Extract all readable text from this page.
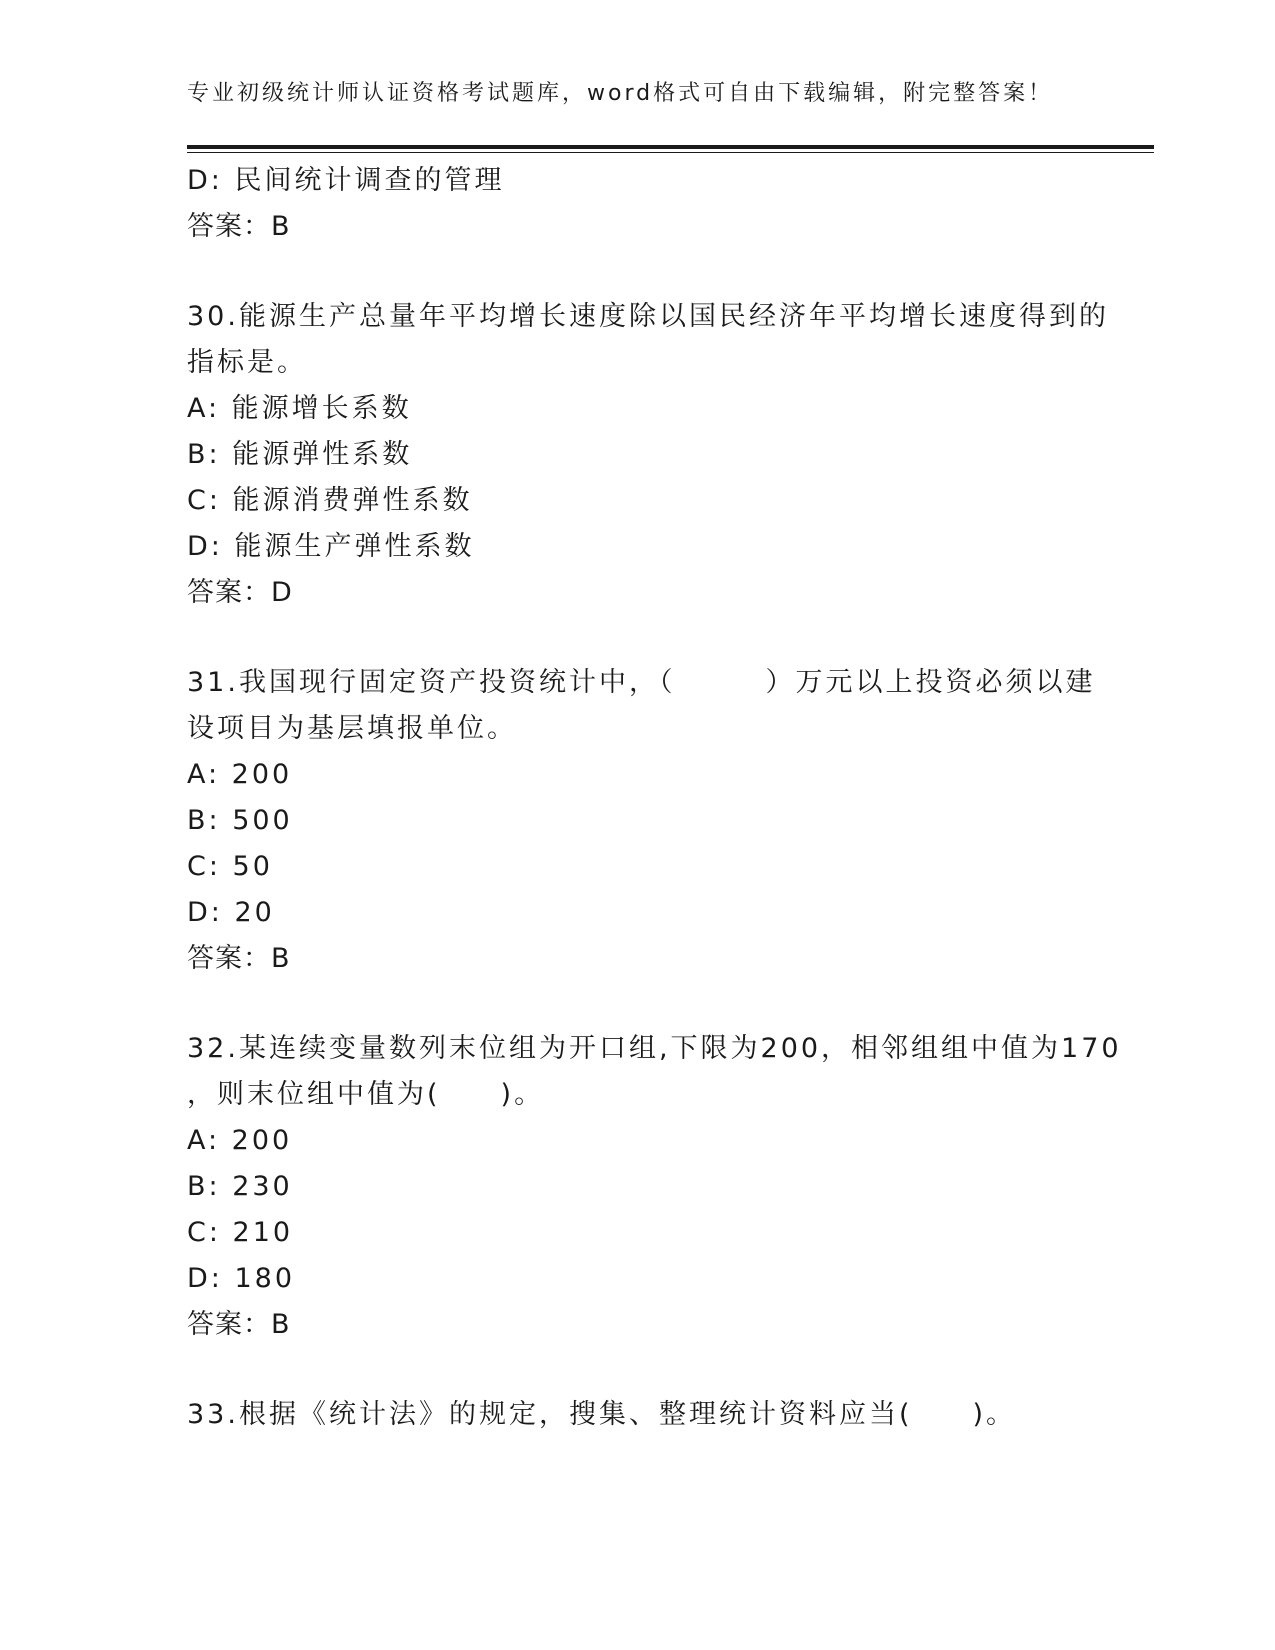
专业初级统计师认证资格考试题库，word格式可自由下载编辑，附完整答案！
D: 民间统计调查的管理
答案：B
30.能源生产总量年平均增长速度除以国民经济年平均增长速度得到的
指标是。
A: 能源增长系数
B: 能源弹性系数
C: 能源消费弹性系数
D: 能源生产弹性系数
答案：D
31.我国现行固定资产投资统计中，（　　　）万元以上投资必须以建
设项目为基层填报单位。
A: 200
B: 500
C: 50
D: 20
答案：B
32.某连续变量数列末位组为开口组,下限为200，相邻组组中值为170
，则末位组中值为(　　)。
A: 200
B: 230
C: 210
D: 180
答案：B
33.根据《统计法》的规定，搜集、整理统计资料应当(　　)。
